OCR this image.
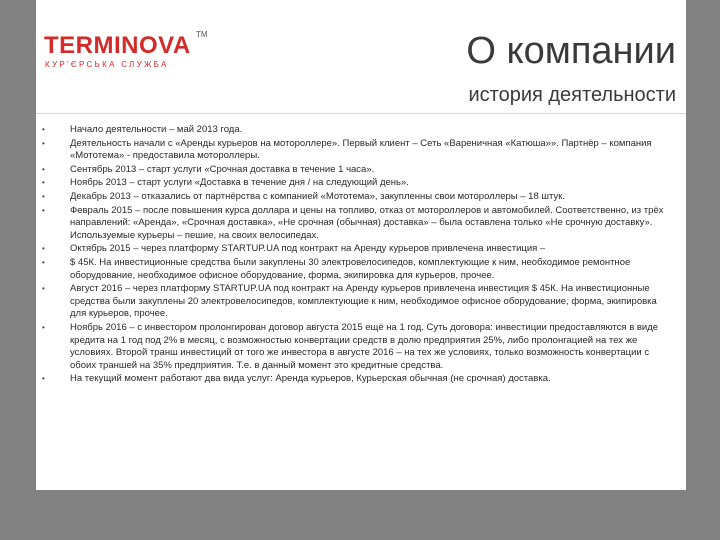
TERMINOVA TM
КУР'ЄРСЬКА СЛУЖБА	О компании
история деятельности
•	Начало деятельности – май 2013 года.
•	Деятельность начали с «Аренды курьеров на мотороллере». Первый клиент – Сеть «Вареничная «Катюша»». Партнёр – компания «Мототема» - предоставила мотороллеры.
•	Сентябрь 2013 – старт услуги «Срочная доставка в течение 1 часа».
•	Ноябрь 2013 – старт услуги «Доставка в течение дня / на следующий день».
•	Декабрь 2013 – отказались от партнёрства с компанией «Мототема», закупленны свои мотороллеры – 18 штук.
•	Февраль 2015 – после повышения курса доллара и цены на топливо, отказ от мотороллеров и автомобилей. Соответственно, из трёх направлений: «Аренда», «Срочная доставка», «Не срочная (обычная) доставка» – была оставлена только «Не срочную доставку». Используемые курьеры – пешие, на своих велосипедах.
•	Октябрь 2015 – через платформу STARTUP.UA под контракт на Аренду курьеров привлечена инвестиция –
•	$ 45К. На инвестиционные средства были закуплены 30 электровелосипедов, комплектующие к ним, необходимое ремонтное оборудование, необходимое офисное оборудование, форма, экипировка для курьеров, прочее.
•	Август 2016 – через платформу STARTUP.UA под контракт на Аренду курьеров привлечена инвестиция $ 45К. На инвестиционные средства были закуплены 20 электровелосипедов, комплектующие к ним, необходимое офисное оборудование, форма, экипировка для курьеров, прочее.
•	Ноябрь 2016 – с инвестором пролонгирован договор августа 2015 ещё на 1 год. Суть договора: инвестиции предоставляются в виде кредита на 1 год под 2% в месяц, с возможностью конвертации средств в долю предприятия 25%, либо пролонгацией на тех же условиях. Второй транш инвестиций от того же инвестора в августе 2016 – на тех же условиях, только возможность конвертации с обоих траншей на 35% предприятия. Т.е. в данный момент это кредитные средства.
•	На текущий момент работают два вида услуг: Аренда курьеров, Курьерская обычная (не срочная) доставка.
